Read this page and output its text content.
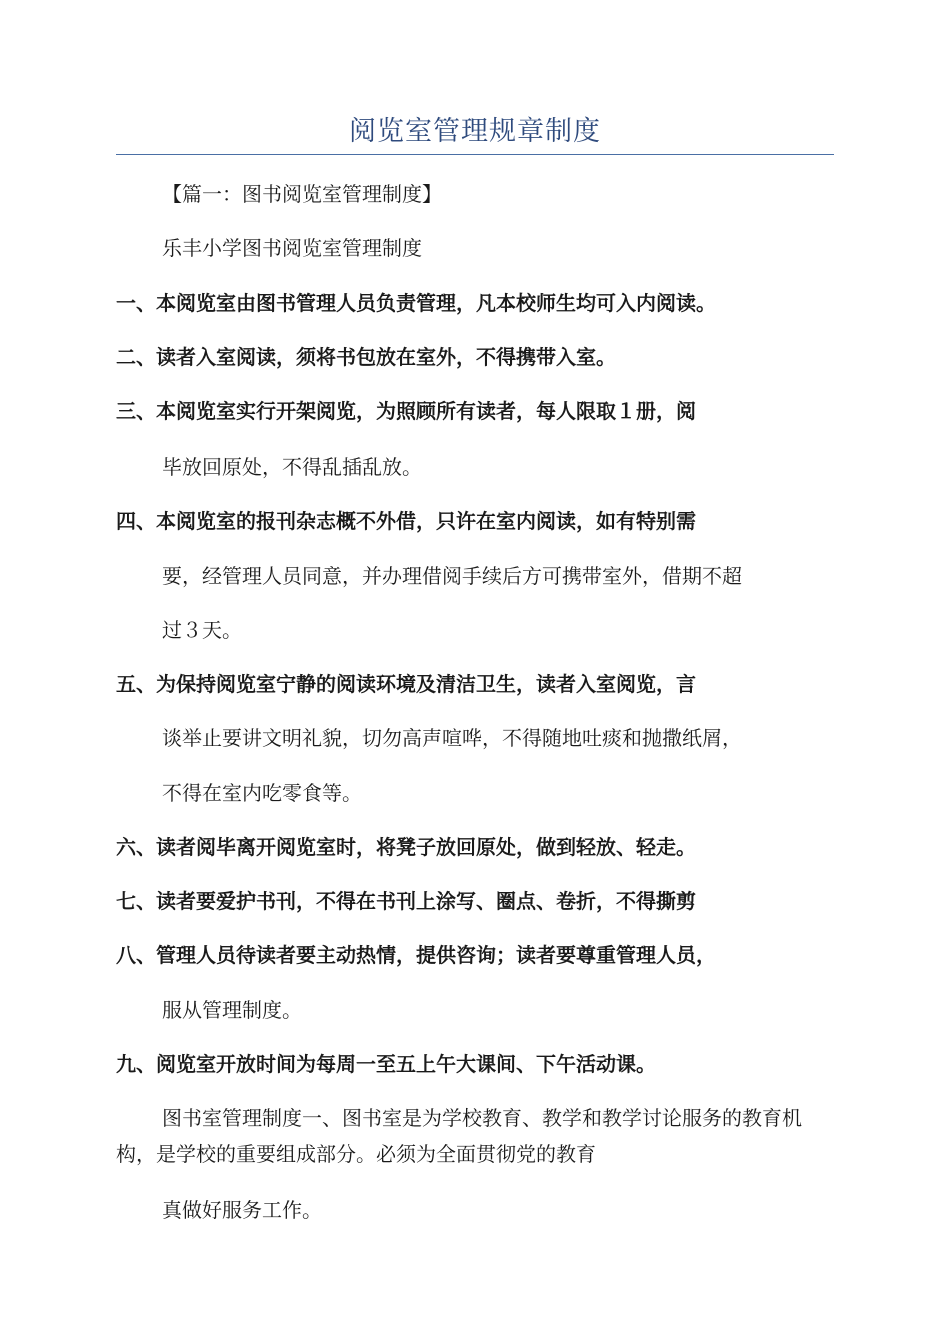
阅览室管理规章制度
【篇一：图书阅览室管理制度】
乐丰小学图书阅览室管理制度
一、本阅览室由图书管理人员负责管理，凡本校师生均可入内阅读。
二、读者入室阅读，须将书包放在室外，不得携带入室。
三、本阅览室实行开架阅览，为照顾所有读者，每人限取１册，阅
毕放回原处，不得乱插乱放。
四、本阅览室的报刊杂志概不外借，只许在室内阅读，如有特别需
要，经管理人员同意，并办理借阅手续后方可携带室外，借期不超
过３天。
五、为保持阅览室宁静的阅读环境及清洁卫生，读者入室阅览，言
谈举止要讲文明礼貌，切勿高声喧哗，不得随地吐痰和抛撒纸屑，
不得在室内吃零食等。
六、读者阅毕离开阅览室时，将凳子放回原处，做到轻放、轻走。
七、读者要爱护书刊，不得在书刊上涂写、圈点、卷折，不得撕剪
八、管理人员待读者要主动热情，提供咨询；读者要尊重管理人员，
服从管理制度。
九、阅览室开放时间为每周一至五上午大课间、下午活动课。
图书室管理制度一、图书室是为学校教育、教学和教学讨论服务的教育机构，是学校的重要组成部分。必须为全面贯彻党的教育
真做好服务工作。
